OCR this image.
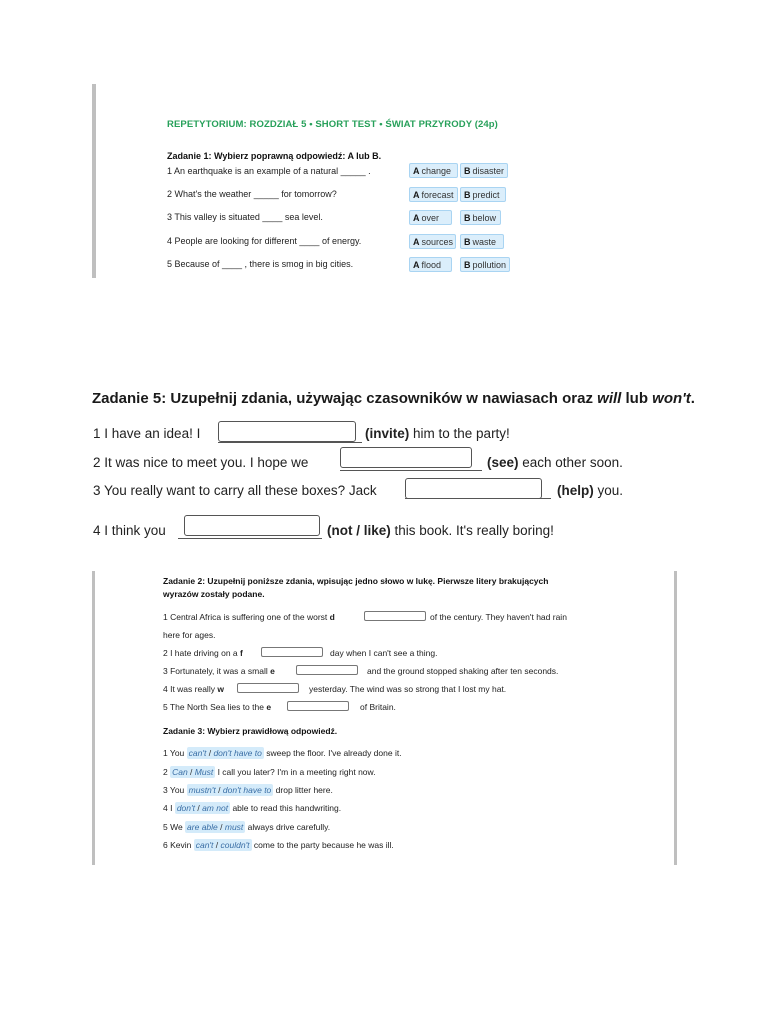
REPETYTORIUM: ROZDZIAŁ 5 • SHORT TEST • ŚWIAT PRZYRODY (24p)
Zadanie 1: Wybierz poprawną odpowiedź: A lub B.
1 An earthquake is an example of a natural _____ .	A change	B disaster
2 What's the weather _____ for tomorrow?	A forecast	B predict
3 This valley is situated ____ sea level.	A over	B below
4 People are looking for different ____ of energy.	A sources	B waste
5 Because of ____ , there is smog in big cities.	A flood	B pollution
Zadanie 5: Uzupełnij zdania, używając czasowników w nawiasach oraz will lub won't.
1 I have an idea! I	(invite) him to the party!
2 It was nice to meet you. I hope we	(see) each other soon.
3 You really want to carry all these boxes? Jack	(help) you.
4 I think you	(not / like) this book. It's really boring!
Zadanie 2: Uzupełnij poniższe zdania, wpisując jedno słowo w lukę. Pierwsze litery brakujących
wyrazów zostały podane.
1 Central Africa is suffering one of the worst d	of the century. They haven't had rain
here for ages.
2 I hate driving on a f	day when I can't see a thing.
3 Fortunately, it was a small e	and the ground stopped shaking after ten seconds.
4 It was really w	yesterday. The wind was so strong that I lost my hat.
5 The North Sea lies to the e	of Britain.
Zadanie 3: Wybierz prawidłową odpowiedź.
1 You can't / don't have to sweep the floor. I've already done it.
2 Can / Must I call you later? I'm in a meeting right now.
3 You mustn't / don't have to drop litter here.
4 I don't / am not able to read this handwriting.
5 We are able / must always drive carefully.
6 Kevin can't / couldn't come to the party because he was ill.
